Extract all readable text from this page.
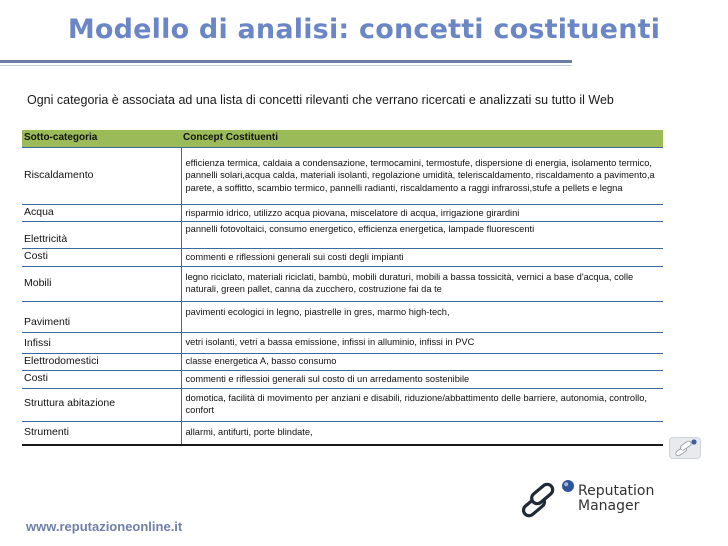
Modello di analisi: concetti costituenti
Ogni categoria è associata ad una lista di concetti rilevanti che verrano ricercati e analizzati su tutto il Web
Sotto-categoria	Concept Costituenti
Riscaldamento	efficienza termica, caldaia a condensazione, termocamini, termostufe, dispersione di energia, isolamento termico, pannelli solari,acqua calda, materiali isolanti, regolazione umidità, teleriscaldamento, riscaldamento a pavimento,a parete, a soffitto, scambio termico, pannelli radianti, riscaldamento a raggi infrarossi,stufe a pellets e legna
Acqua	risparmio idrico, utilizzo acqua piovana, miscelatore di acqua, irrigazione girardini
Elettricità	pannelli fotovoltaici, consumo energetico, efficienza energetica, lampade fluorescenti
Costi	commenti e riflessioni generali sui costi degli impianti
Mobili	legno riciclato, materiali riciclati, bambù, mobili duraturi, mobili a bassa tossicità, vernici a base d'acqua, colle naturali, green pallet, canna da zucchero, costruzione fai da te
Pavimenti	pavimenti ecologici in legno, piastrelle in gres, marmo high-tech,
Infissi	vetri isolanti, vetri a bassa emissione, infissi in alluminio, infissi in PVC
Elettrodomestici	classe energetica A, basso consumo
Costi	commenti e riflessioi generali sul costo di un arredamento sostenibile
Struttura abitazione	domotica, facilità di movimento per anziani e disabili, riduzione/abbattimento delle barriere, autonomia, controllo, confort
Strumenti	allarmi, antifurti, porte blindate,
Reputation
Manager
www.reputazioneonline.it
